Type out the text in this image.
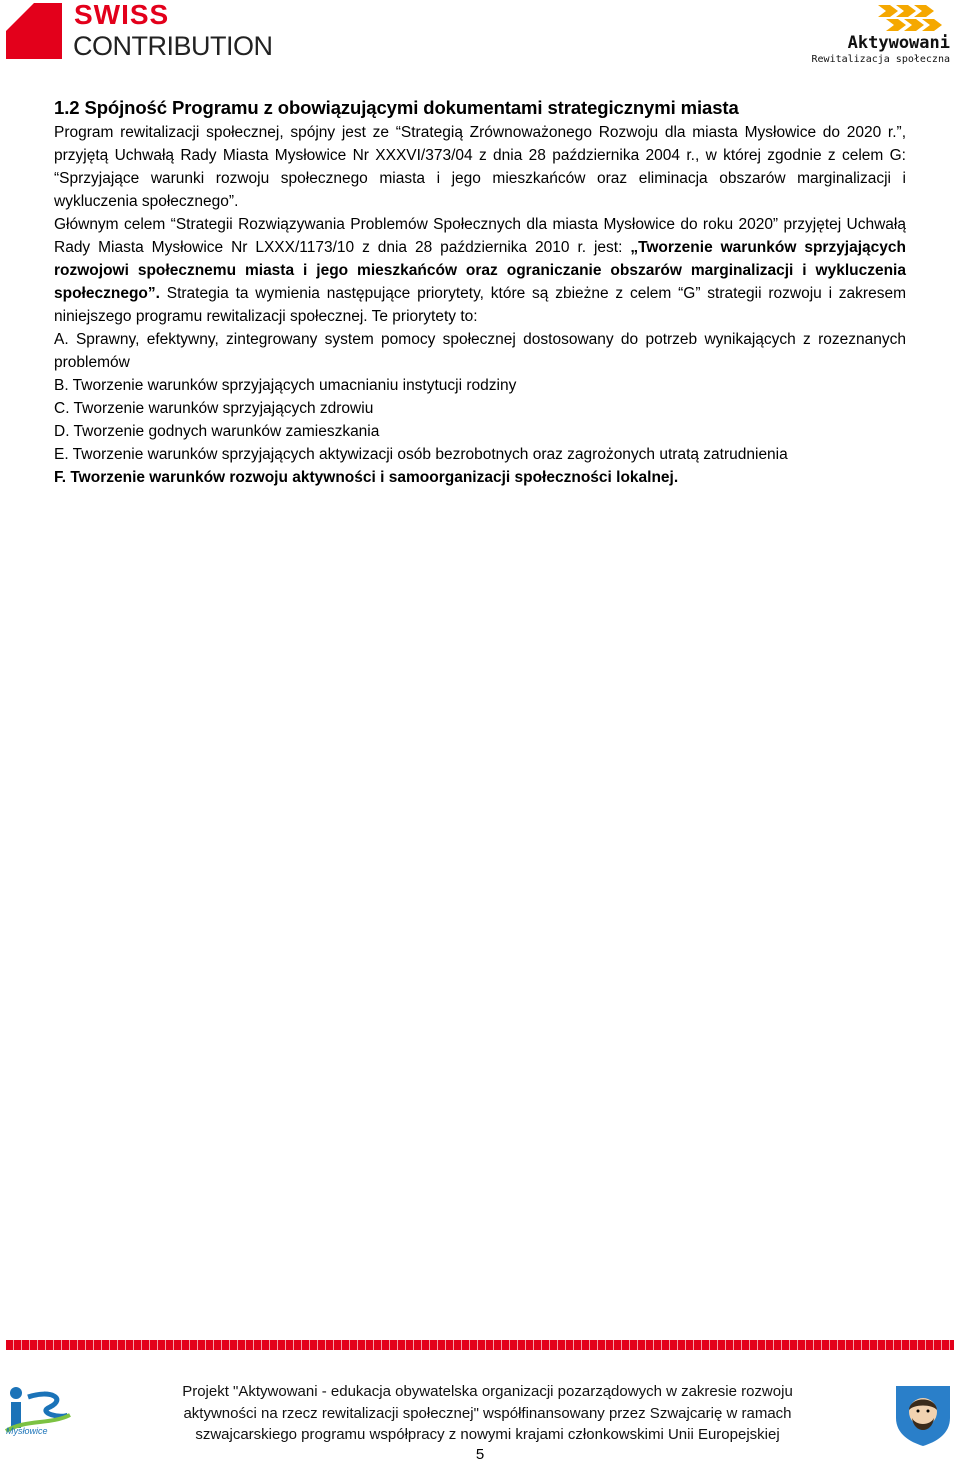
SWISS
CONTRIBUTION	Aktywowani
Rewitalizacja społeczna

1.2 Spójność Programu z obowiązującymi dokumentami strategicznymi miasta

Program rewitalizacji społecznej, spójny jest ze “Strategią Zrównoważonego Rozwoju dla miasta Mysłowice do 2020 r.”, przyjętą Uchwałą Rady Miasta Mysłowice Nr XXXVI/373/04 z dnia 28 października 2004 r., w której zgodnie z celem G: “Sprzyjające warunki rozwoju społecznego miasta i jego mieszkańców oraz eliminacja obszarów marginalizacji i wykluczenia społecznego”.

Głównym celem “Strategii Rozwiązywania Problemów Społecznych dla miasta Mysłowice do roku 2020” przyjętej Uchwałą Rady Miasta Mysłowice Nr LXXX/1173/10 z dnia 28 października 2010 r. jest: „Tworzenie warunków sprzyjających rozwojowi społecznemu miasta i jego mieszkańców oraz ograniczanie obszarów marginalizacji i wykluczenia społecznego”. Strategia ta wymienia następujące priorytety, które są zbieżne z celem “G” strategii rozwoju i zakresem niniejszego programu rewitalizacji społecznej. Te priorytety to:

A. Sprawny, efektywny, zintegrowany system pomocy społecznej dostosowany do potrzeb wynikających z rozeznanych problemów

B. Tworzenie warunków sprzyjających umacnianiu instytucji rodziny

C. Tworzenie warunków sprzyjających zdrowiu

D. Tworzenie godnych warunków zamieszkania

E. Tworzenie warunków sprzyjających aktywizacji osób bezrobotnych oraz zagrożonych utratą zatrudnienia

F. Tworzenie warunków rozwoju aktywności i samoorganizacji społeczności lokalnej.

Mysłowice
Projekt "Aktywowani - edukacja obywatelska organizacji pozarządowych w zakresie rozwoju
aktywności na rzecz rewitalizacji społecznej" współfinansowany przez Szwajcarię w ramach
szwajcarskiego programu współpracy z nowymi krajami członkowskimi Unii Europejskiej
5
